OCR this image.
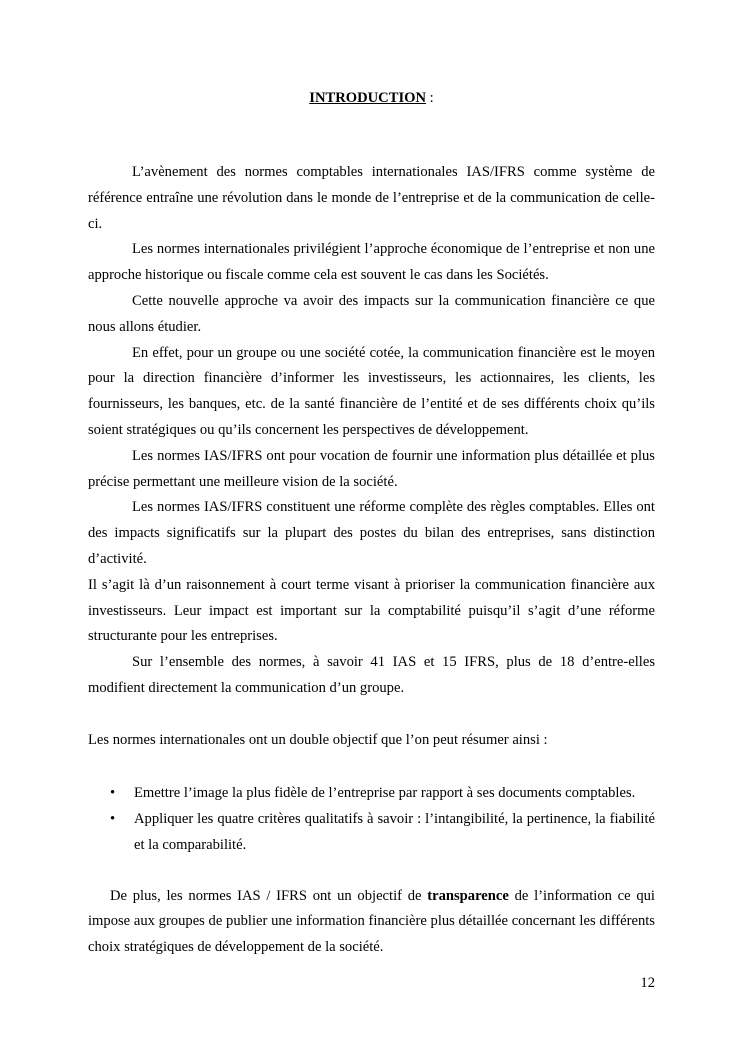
INTRODUCTION :

L’avènement des normes comptables internationales IAS/IFRS comme système de référence entraîne une révolution dans le monde de l’entreprise et de la communication de celle-ci.

Les normes internationales privilégient l’approche économique de l’entreprise et non une approche historique ou fiscale comme cela est souvent le cas dans les Sociétés.

Cette nouvelle approche va avoir des impacts sur la communication financière ce que nous allons étudier.

En effet, pour un groupe ou une société cotée, la communication financière est le moyen pour la direction financière d’informer les investisseurs, les actionnaires, les clients, les fournisseurs, les banques, etc. de la santé financière de l’entité et de ses différents choix qu’ils soient stratégiques ou qu’ils concernent les perspectives de développement.

Les normes IAS/IFRS ont pour vocation de fournir une information plus détaillée et plus précise permettant une meilleure vision de la société.

Les normes IAS/IFRS constituent une réforme complète des règles comptables. Elles ont des impacts significatifs sur la plupart des postes du bilan des entreprises, sans distinction d’activité.

Il s’agit là d’un raisonnement à court terme visant à prioriser la communication financière aux investisseurs. Leur impact est important sur la comptabilité puisqu’il s’agit d’une réforme structurante pour les entreprises.

Sur l’ensemble des normes, à savoir 41 IAS et 15 IFRS, plus de 18 d’entre-elles modifient directement la communication d’un groupe.

Les normes internationales ont un double objectif que l’on peut résumer ainsi :

• Emettre l’image la plus fidèle de l’entreprise par rapport à ses documents comptables.
• Appliquer les quatre critères qualitatifs à savoir : l’intangibilité, la pertinence, la fiabilité et la comparabilité.

De plus, les normes IAS / IFRS ont un objectif de transparence de l’information ce qui impose aux groupes de publier une information financière plus détaillée concernant les différents choix stratégiques de développement de la société.

12
